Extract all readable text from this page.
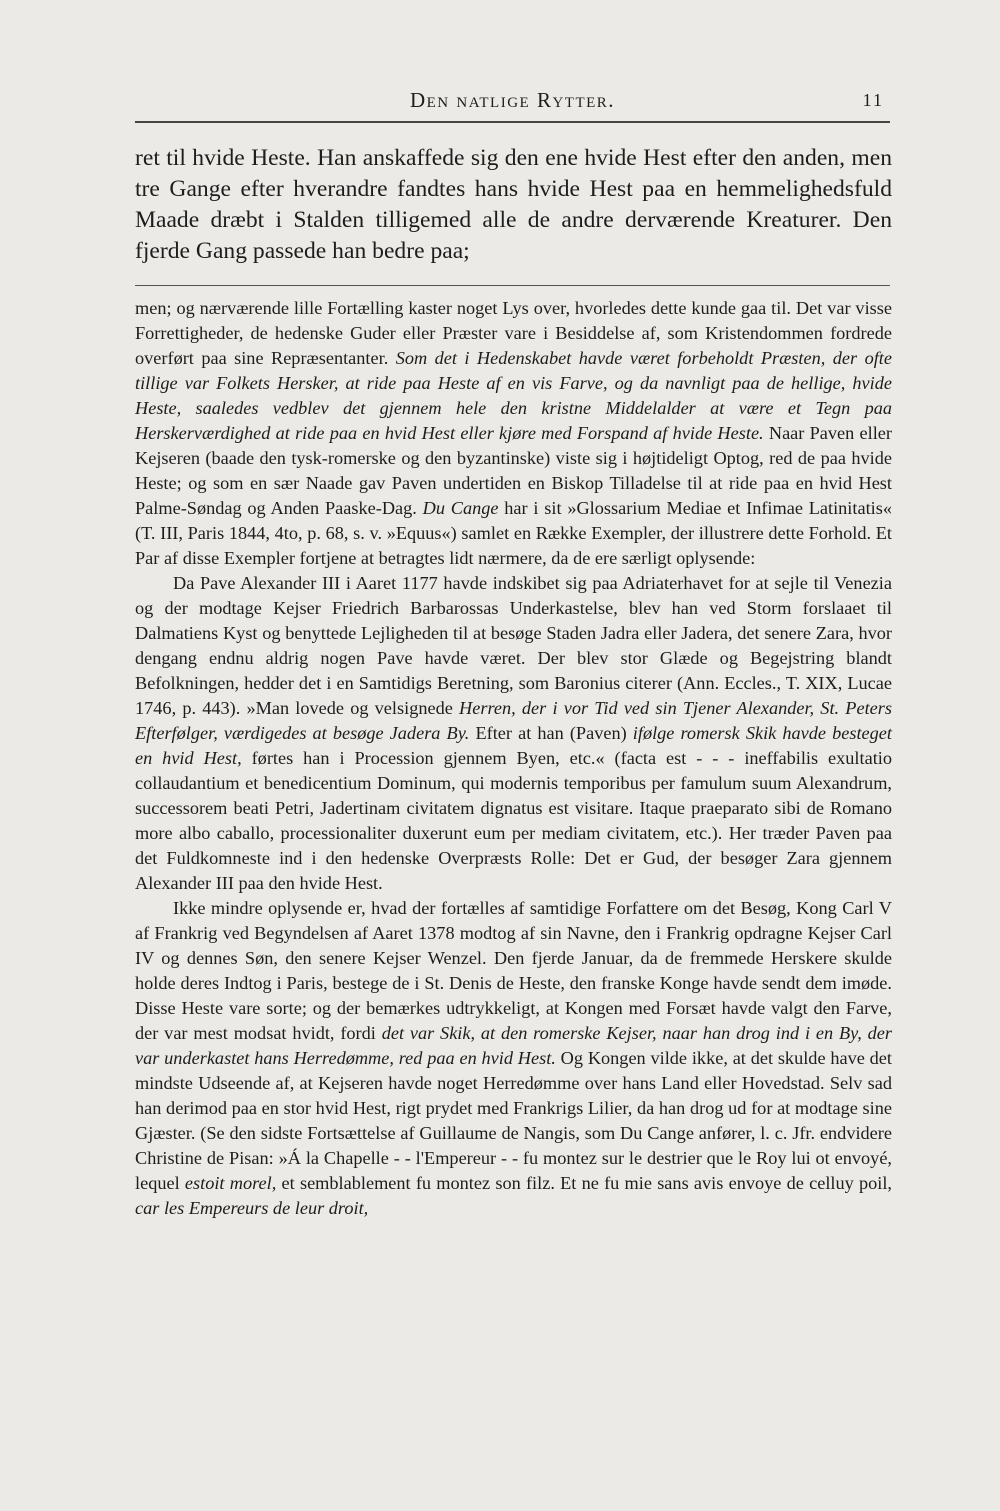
Den natlige Rytter.	11

ret til hvide Heste. Han anskaffede sig den ene hvide Hest efter den anden, men tre Gange efter hverandre fandtes hans hvide Hest paa en hemmelighedsfuld Maade dræbt i Stalden tilligemed alle de andre derværende Kreaturer. Den fjerde Gang passede han bedre paa;

men; og nærværende lille Fortælling kaster noget Lys over, hvorledes dette kunde gaa til. Det var visse Forrettigheder, de hedenske Guder eller Præster vare i Besiddelse af, som Kristendommen fordrede overført paa sine Repræsentanter. Som det i Hedenskabet havde været forbeholdt Præsten, der ofte tillige var Folkets Hersker, at ride paa Heste af en vis Farve, og da navnligt paa de hellige, hvide Heste, saaledes vedblev det gjennem hele den kristne Middelalder at være et Tegn paa Herskerværdighed at ride paa en hvid Hest eller kjøre med Forspand af hvide Heste. Naar Paven eller Kejseren (baade den tysk-romerske og den byzantinske) viste sig i højtideligt Optog, red de paa hvide Heste; og som en sær Naade gav Paven undertiden en Biskop Tilladelse til at ride paa en hvid Hest Palme-Søndag og Anden Paaske-Dag. Du Cange har i sit »Glossarium Mediae et Infimae Latinitatis« (T. III, Paris 1844, 4to, p. 68, s. v. »Equus«) samlet en Række Exempler, der illustrere dette Forhold. Et Par af disse Exempler fortjene at betragtes lidt nærmere, da de ere særligt oplysende:

Da Pave Alexander III i Aaret 1177 havde indskibet sig paa Adriaterhavet for at sejle til Venezia og der modtage Kejser Friedrich Barbarossas Underkastelse, blev han ved Storm forslaaet til Dalmatiens Kyst og benyttede Lejligheden til at besøge Staden Jadra eller Jadera, det senere Zara, hvor dengang endnu aldrig nogen Pave havde været. Der blev stor Glæde og Begejstring blandt Befolkningen, hedder det i en Samtidigs Beretning, som Baronius citerer (Ann. Eccles., T. XIX, Lucae 1746, p. 443). »Man lovede og velsignede Herren, der i vor Tid ved sin Tjener Alexander, St. Peters Efterfølger, værdigedes at besøge Jadera By. Efter at han (Paven) ifølge romersk Skik havde besteget en hvid Hest, førtes han i Procession gjennem Byen, etc.« (facta est - - - ineffabilis exultatio collaudantium et benedicentium Dominum, qui modernis temporibus per famulum suum Alexandrum, successorem beati Petri, Jadertinam civitatem dignatus est visitare. Itaque praeparato sibi de Romano more albo caballo, processionaliter duxerunt eum per mediam civitatem, etc.). Her træder Paven paa det Fuldkomneste ind i den hedenske Overpræsts Rolle: Det er Gud, der besøger Zara gjennem Alexander III paa den hvide Hest.

Ikke mindre oplysende er, hvad der fortælles af samtidige Forfattere om det Besøg, Kong Carl V af Frankrig ved Begyndelsen af Aaret 1378 modtog af sin Navne, den i Frankrig opdragne Kejser Carl IV og dennes Søn, den senere Kejser Wenzel. Den fjerde Januar, da de fremmede Herskere skulde holde deres Indtog i Paris, bestege de i St. Denis de Heste, den franske Konge havde sendt dem imøde. Disse Heste vare sorte; og der bemærkes udtrykkeligt, at Kongen med Forsæt havde valgt den Farve, der var mest modsat hvidt, fordi det var Skik, at den romerske Kejser, naar han drog ind i en By, der var underkastet hans Herredømme, red paa en hvid Hest. Og Kongen vilde ikke, at det skulde have det mindste Udseende af, at Kejseren havde noget Herredømme over hans Land eller Hovedstad. Selv sad han derimod paa en stor hvid Hest, rigt prydet med Frankrigs Lilier, da han drog ud for at modtage sine Gjæster. (Se den sidste Fortsættelse af Guillaume de Nangis, som Du Cange anfører, l. c. Jfr. endvidere Christine de Pisan: »Á la Chapelle - - l'Empereur - - fu montez sur le destrier que le Roy lui ot envoyé, lequel estoit morel, et semblablement fu montez son filz. Et ne fu mie sans avis envoye de celluy poil, car les Empereurs de leur droit,
